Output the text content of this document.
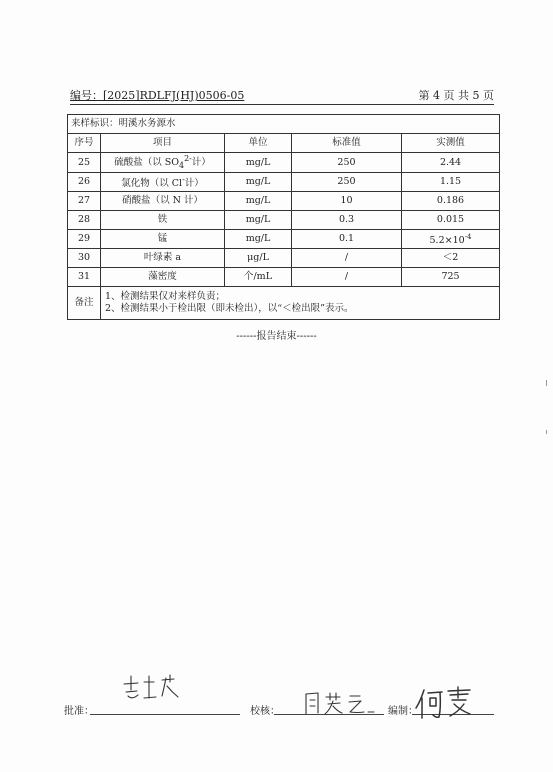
编号：[2025]RDLFJ(HJ)0506-05	第 4 页 共 5 页
来样标识：明溪水务源水				
序号	项目	单位	标准值	实测值
25	硫酸盐（以 $SO_4^{2-}$计）	mg/L	250	2.44
26	氯化物（以 Cl-计）	mg/L	250	1.15
27	硝酸盐（以 N 计）	mg/L	10	0.186
28	铁	mg/L	0.3	0.015
29	锰	mg/L	0.1	$5.2\times 10^{-4}$
30	叶绿素 a	μg/L	/	＜2
31	藻密度	个/mL	/	725
备注	1、检测结果仅对来样负责；
2、检测结果小于检出限（即未检出），以“＜检出限”表示。			
------报告结束------
批准：	校核：	编制：
